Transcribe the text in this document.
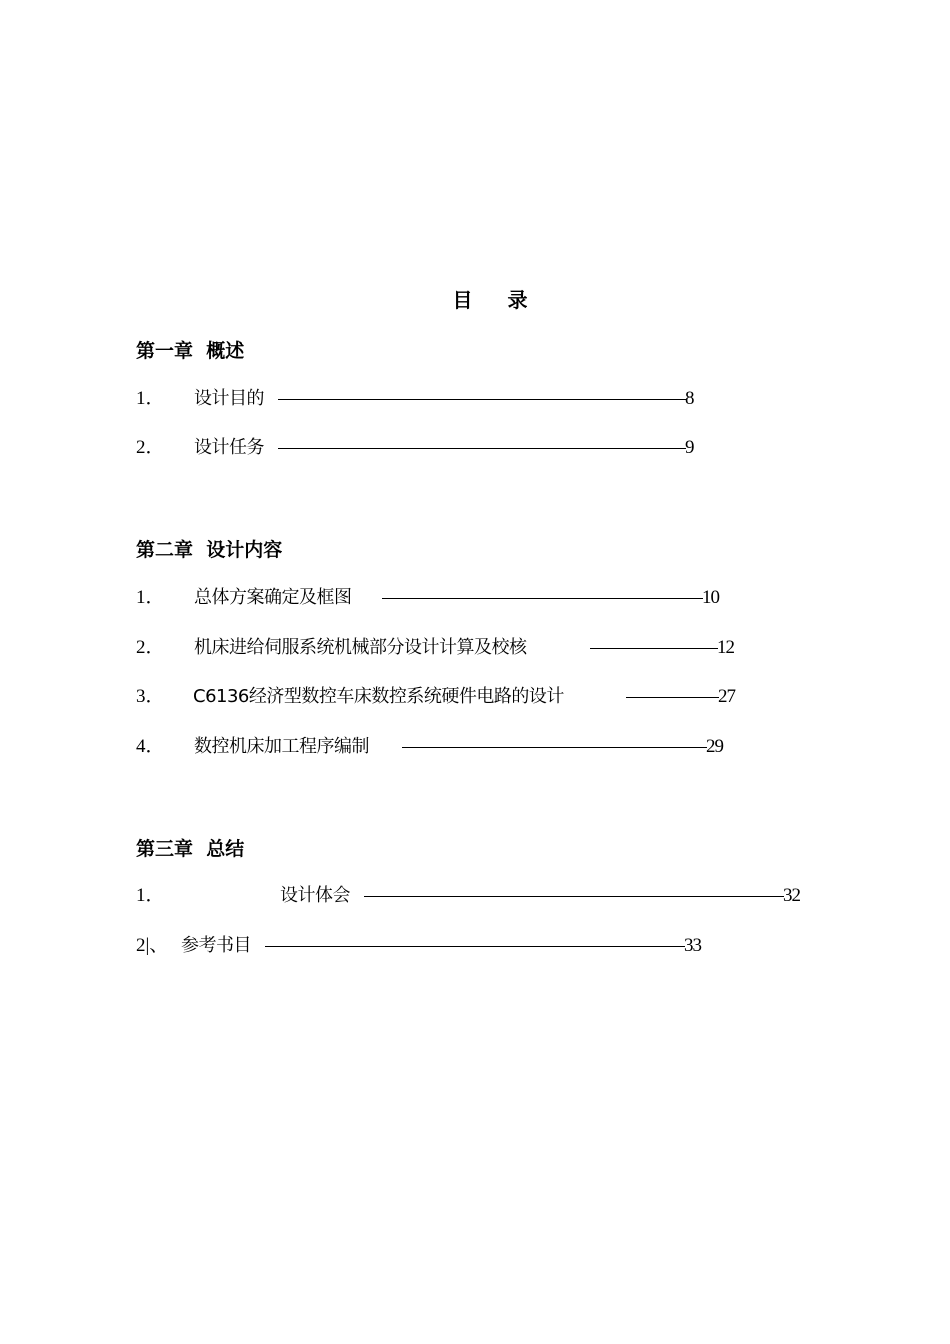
目 录
第一章  概述
1． 设计目的	8
2． 设计任务	9
第二章  设计内容
1． 总体方案确定及框图	10
2． 机床进给伺服系统机械部分设计计算及校核	12
3． C6136经济型数控车床数控系统硬件电路的设计	27
4． 数控机床加工程序编制	29
第三章  总结
1．	设计体会	32
2|、 参考书目	33
